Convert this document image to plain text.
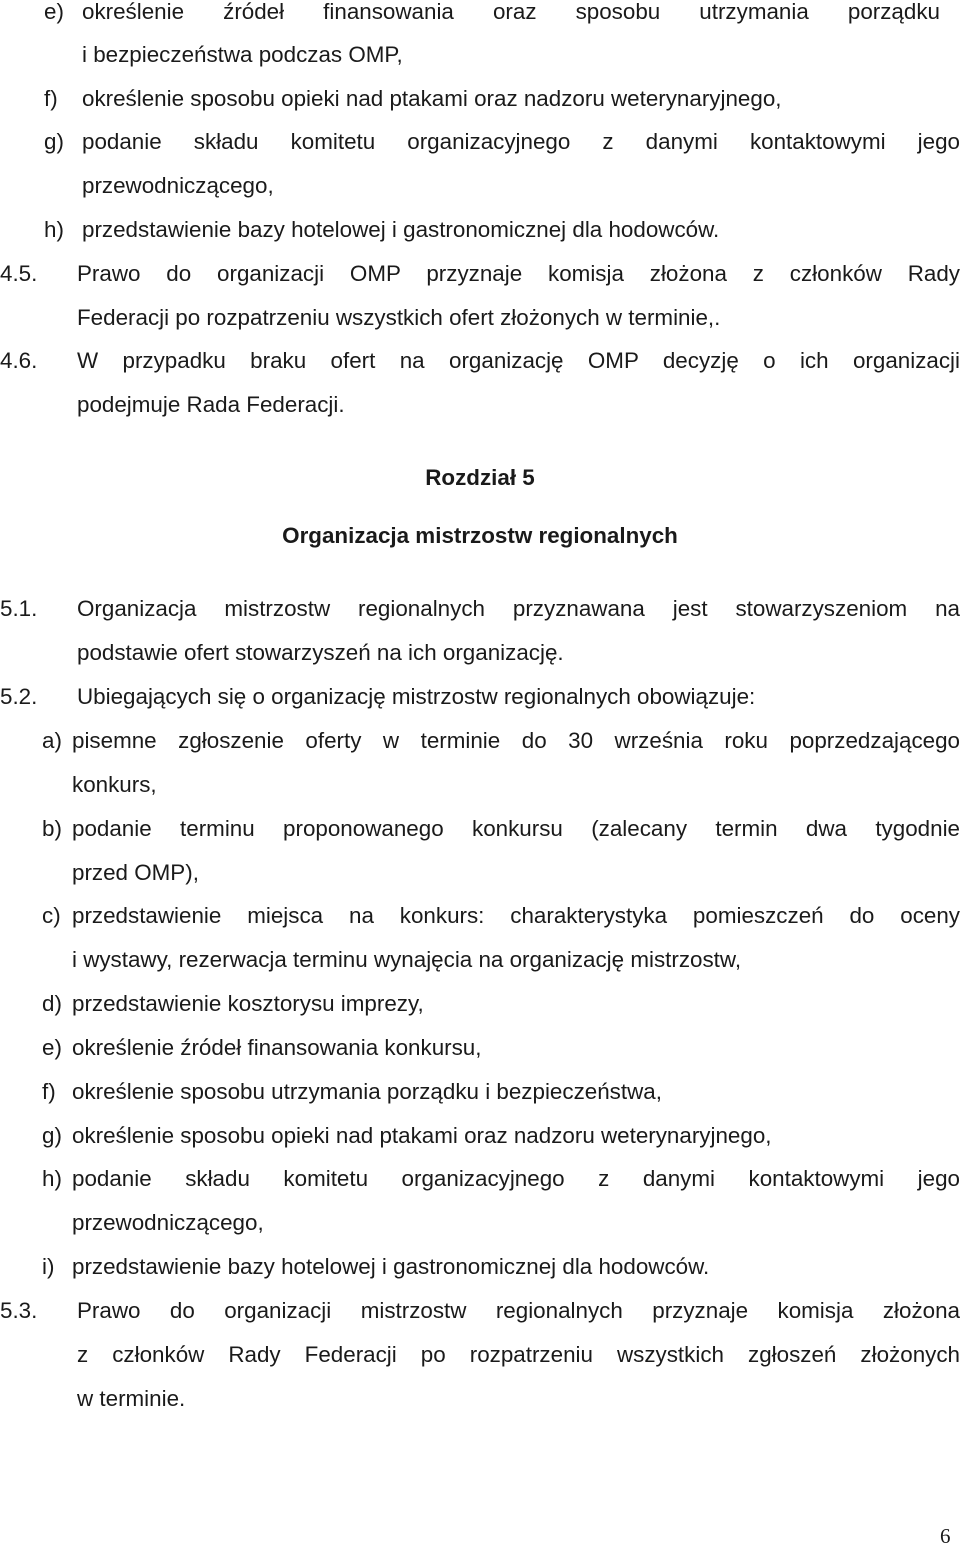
e) określenie źródeł finansowania oraz sposobu utrzymania porządku
i bezpieczeństwa podczas OMP,
f) określenie sposobu opieki nad ptakami oraz nadzoru weterynaryjnego,
g) podanie składu komitetu organizacyjnego z danymi kontaktowymi jego
przewodniczącego,
h) przedstawienie bazy hotelowej i gastronomicznej dla hodowców.
4.5. Prawo do organizacji OMP przyznaje komisja złożona z członków Rady
Federacji po rozpatrzeniu wszystkich ofert złożonych w terminie,.
4.6. W przypadku braku ofert na organizację OMP decyzję o ich organizacji
podejmuje Rada Federacji.
Rozdział 5
Organizacja mistrzostw regionalnych
5.1. Organizacja mistrzostw regionalnych przyznawana jest stowarzyszeniom na
podstawie ofert stowarzyszeń na ich organizację.
5.2. Ubiegających się o organizację mistrzostw regionalnych obowiązuje:
a) pisemne zgłoszenie oferty w terminie do 30 września roku poprzedzającego
konkurs,
b) podanie terminu proponowanego konkursu (zalecany termin dwa tygodnie
przed OMP),
c) przedstawienie miejsca na konkurs: charakterystyka pomieszczeń do oceny
i wystawy, rezerwacja terminu wynajęcia na organizację mistrzostw,
d) przedstawienie kosztorysu imprezy,
e) określenie źródeł finansowania konkursu,
f) określenie sposobu utrzymania porządku i bezpieczeństwa,
g) określenie sposobu opieki nad ptakami oraz nadzoru weterynaryjnego,
h) podanie składu komitetu organizacyjnego z danymi kontaktowymi jego
przewodniczącego,
i) przedstawienie bazy hotelowej i gastronomicznej dla hodowców.
5.3. Prawo do organizacji mistrzostw regionalnych przyznaje komisja złożona
z członków Rady Federacji po rozpatrzeniu wszystkich zgłoszeń złożonych
w terminie.
6
